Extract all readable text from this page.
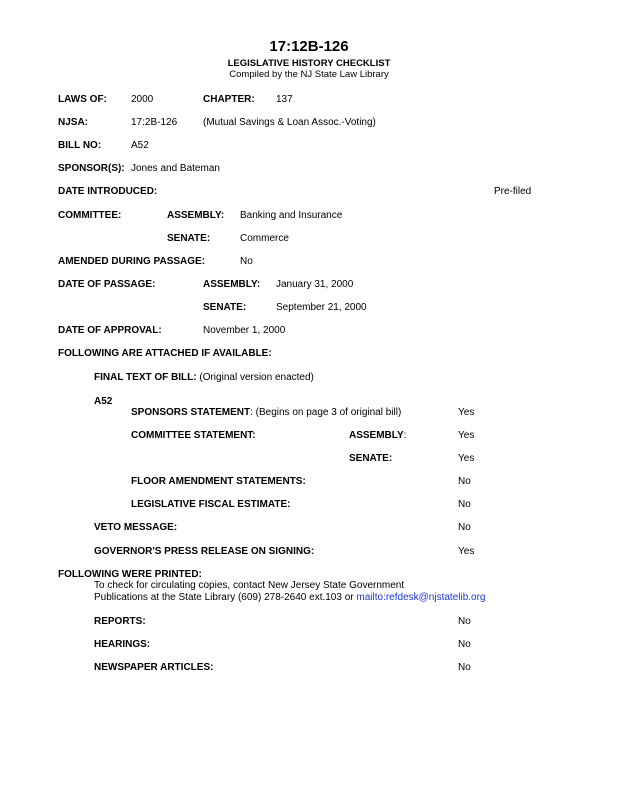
17:12B-126
LEGISLATIVE HISTORY CHECKLIST
Compiled by the NJ State Law Library
LAWS OF: 2000	CHAPTER: 137
NJSA:	17:2B-126	(Mutual Savings & Loan Assoc.-Voting)
BILL NO:	A52
SPONSOR(S): Jones and Bateman
DATE INTRODUCED:	Pre-filed
COMMITTEE:	ASSEMBLY: Banking and Insurance
SENATE:	Commerce
AMENDED DURING PASSAGE:	No
DATE OF PASSAGE:	ASSEMBLY: January 31, 2000
SENATE:	September 21, 2000
DATE OF APPROVAL:	November 1, 2000
FOLLOWING ARE ATTACHED IF AVAILABLE:
FINAL TEXT OF BILL: (Original version enacted)
A52
SPONSORS STATEMENT: (Begins on page 3 of original bill)	Yes
COMMITTEE STATEMENT:	ASSEMBLY:	Yes
SENATE:	Yes
FLOOR AMENDMENT STATEMENTS:	No
LEGISLATIVE FISCAL ESTIMATE:	No
VETO MESSAGE:	No
GOVERNOR'S PRESS RELEASE ON SIGNING:	Yes
FOLLOWING WERE PRINTED:
To check for circulating copies, contact New Jersey State Government
Publications at the State Library (609) 278-2640 ext.103 or mailto:refdesk@njstatelib.org
REPORTS:	No
HEARINGS:	No
NEWSPAPER ARTICLES:	No
